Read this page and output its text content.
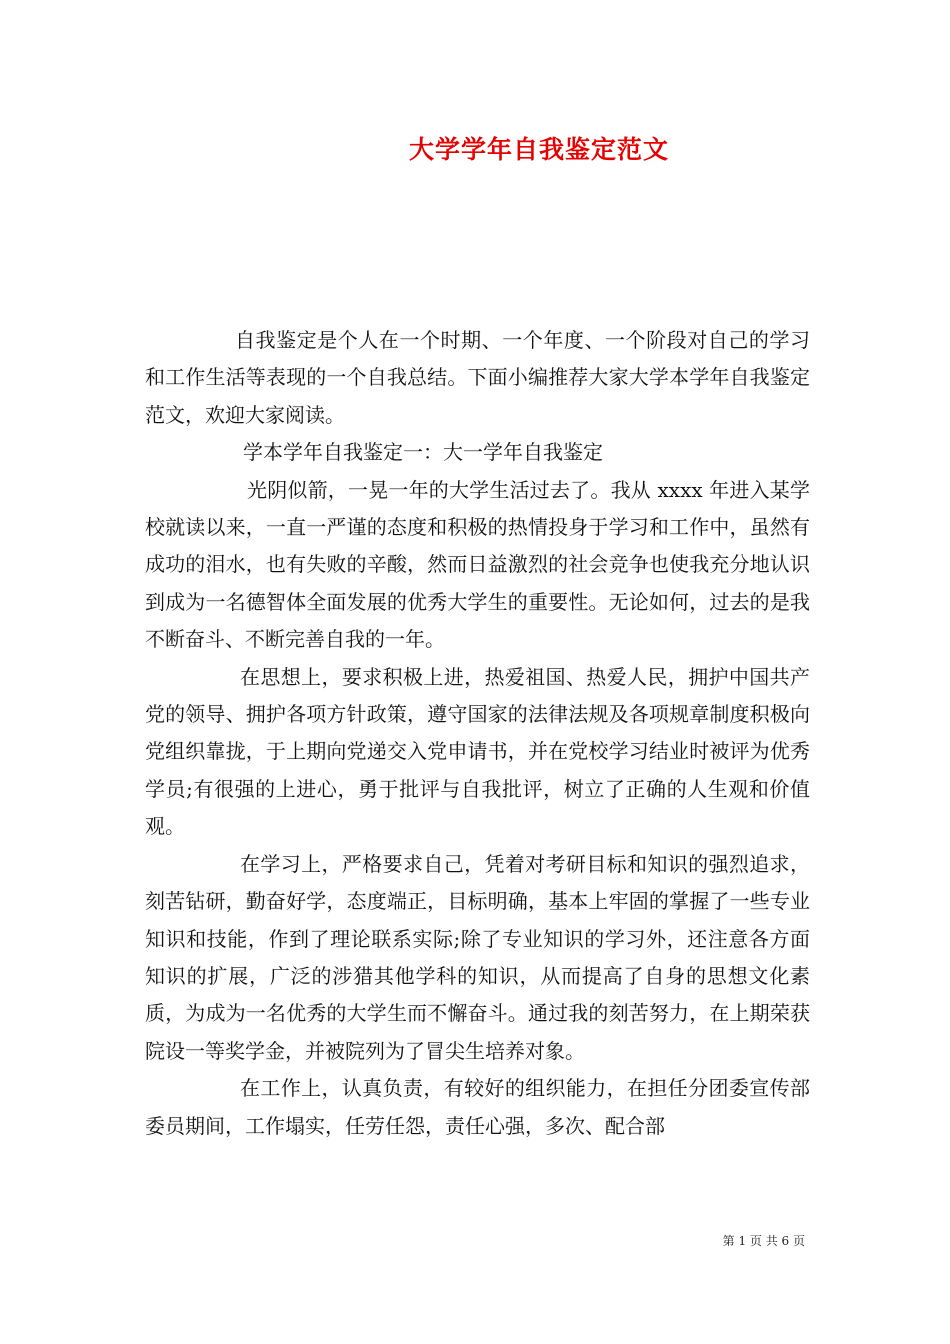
大学学年自我鉴定范文

自我鉴定是个人在一个时期、一个年度、一个阶段对自己的学习和工作生活等表现的一个自我总结。下面小编推荐大家大学本学年自我鉴定范文，欢迎大家阅读。

学本学年自我鉴定一：大一学年自我鉴定

光阴似箭，一晃一年的大学生活过去了。我从 xxxx 年进入某学校就读以来，一直一严谨的态度和积极的热情投身于学习和工作中，虽然有成功的泪水，也有失败的辛酸，然而日益激烈的社会竞争也使我充分地认识到成为一名德智体全面发展的优秀大学生的重要性。无论如何，过去的是我不断奋斗、不断完善自我的一年。

在思想上，要求积极上进，热爱祖国、热爱人民，拥护中国共产党的领导、拥护各项方针政策，遵守国家的法律法规及各项规章制度积极向党组织靠拢，于上期向党递交入党申请书，并在党校学习结业时被评为优秀学员;有很强的上进心，勇于批评与自我批评，树立了正确的人生观和价值观。

在学习上，严格要求自己，凭着对考研目标和知识的强烈追求，刻苦钻研，勤奋好学，态度端正，目标明确，基本上牢固的掌握了一些专业知识和技能，作到了理论联系实际;除了专业知识的学习外，还注意各方面知识的扩展，广泛的涉猎其他学科的知识，从而提高了自身的思想文化素质，为成为一名优秀的大学生而不懈奋斗。通过我的刻苦努力，在上期荣获院设一等奖学金，并被院列为了冒尖生培养对象。

在工作上，认真负责，有较好的组织能力，在担任分团委宣传部委员期间，工作塌实，任劳任怨，责任心强，多次、配合部

第 1 页 共 6 页
